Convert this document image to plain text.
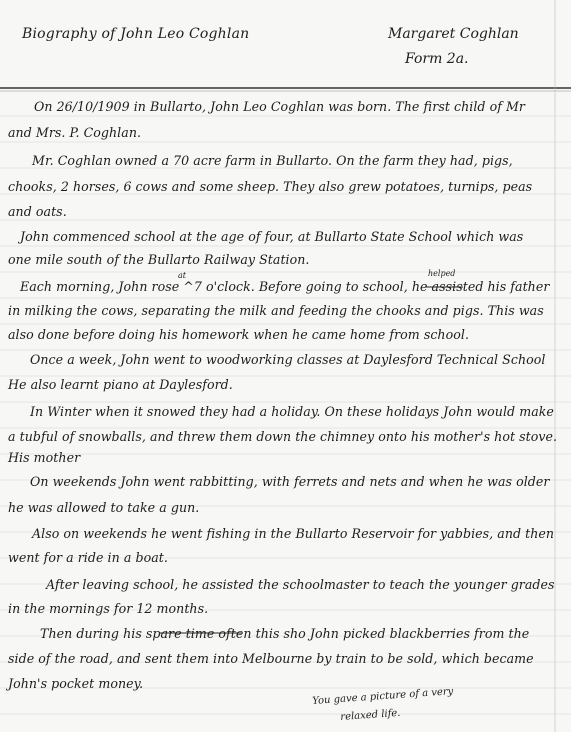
Biography of John Leo Coghlan	Margaret Coghlan
Form 2a.
On 26/10/1909 in Bullarto, John Leo Coghlan was born. The first child of Mr
and Mrs. P. Coghlan.
Mr. Coghlan owned a 70 acre farm in Bullarto. On the farm they had, pigs,
chooks, 2 horses, 6 cows and some sheep. They also grew potatoes, turnips, peas
and oats.
John commenced school at the age of four, at Bullarto State School which was
one mile south of the Bullarto Railway Station.
at	helped
Each morning, John rose ^7 o'clock. Before going to school, he assisted his father
in milking the cows, separating the milk and feeding the chooks and pigs. This was
also done before doing his homework when he came home from school.
Once a week, John went to woodworking classes at Daylesford Technical School
He also learnt piano at Daylesford.
In Winter when it snowed they had a holiday. On these holidays John would make
a tubful of snowballs, and threw them down the chimney onto his mother's hot stove.
His mother
On weekends John went rabbitting, with ferrets and nets and when he was older
he was allowed to take a gun.
Also on weekends he went fishing in the Bullarto Reservoir for yabbies, and then
went for a ride in a boat.
After leaving school, he assisted the schoolmaster to teach the younger grades
in the mornings for 12 months.
Then during his spare time often this sho John picked blackberries from the
side of the road, and sent them into Melbourne by train to be sold, which became
John's pocket money.
You gave a picture of a very
relaxed life.
